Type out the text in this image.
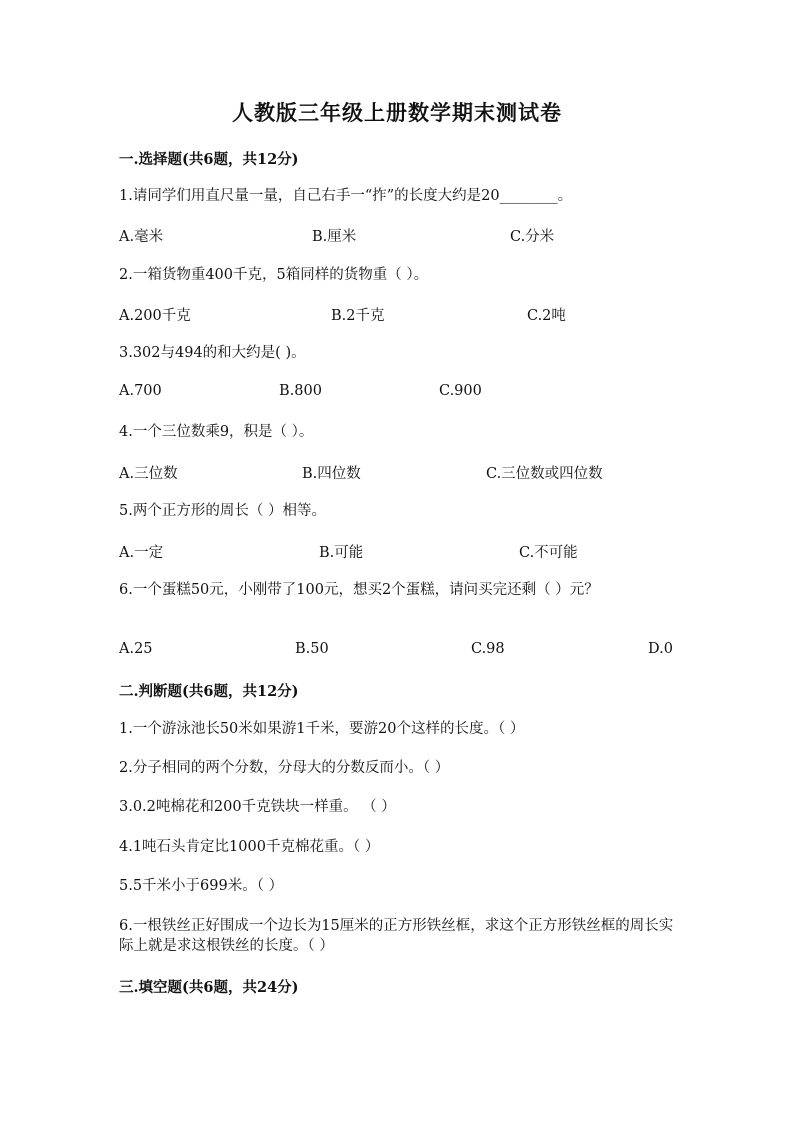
人教版三年级上册数学期末测试卷
一.选择题(共6题，共12分)
1.请同学们用直尺量一量，自己右手一“拃”的长度大约是20________。
A.毫米	B.厘米	C.分米
2.一箱货物重400千克，5箱同样的货物重（ ）。
A.200千克	B.2千克	C.2吨
3.302与494的和大约是( )。
A.700	B.800	C.900
4.一个三位数乘9，积是（ ）。
A.三位数	B.四位数	C.三位数或四位数
5.两个正方形的周长（ ）相等。
A.一定	B.可能	C.不可能
6.一个蛋糕50元，小刚带了100元，想买2个蛋糕，请问买完还剩（ ）元？
A.25	B.50	C.98	D.0
二.判断题(共6题，共12分)
1.一个游泳池长50米如果游1千米，要游20个这样的长度。（ ）
2.分子相同的两个分数，分母大的分数反而小。（ ）
3.0.2吨棉花和200千克铁块一样重。 （ ）
4.1吨石头肯定比1000千克棉花重。（ ）
5.5千米小于699米。（ ）
6.一根铁丝正好围成一个边长为15厘米的正方形铁丝框，求这个正方形铁丝框的周长实际上就是求这根铁丝的长度。（ ）
三.填空题(共6题，共24分)
